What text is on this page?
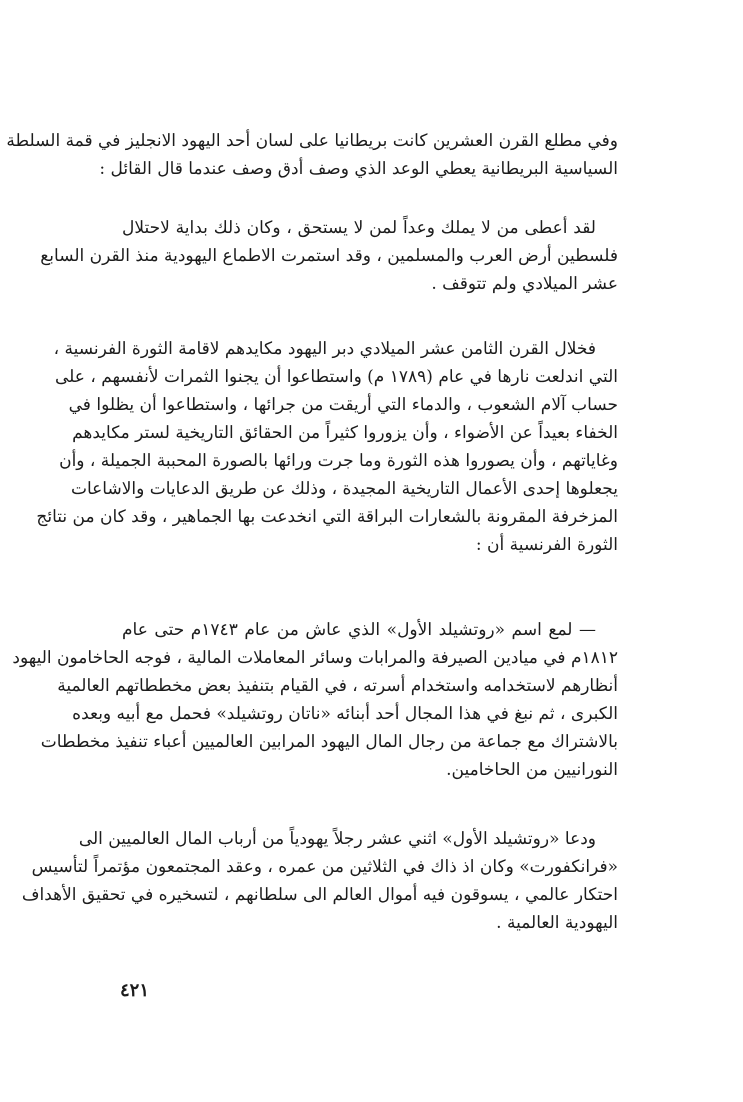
وفي مطلع القرن العشرين كانت بريطانيا على لسان أحد اليهود الانجليز في قمة السلطة
السياسية البريطانية يعطي الوعد الذي وصف أدق وصف عندما قال القائل :
لقد أعطى من لا يملك وعداً لمن لا يستحق ، وكان ذلك بداية لاحتلال
فلسطين أرض العرب والمسلمين ، وقد استمرت الاطماع اليهودية منذ القرن السابع
عشر الميلادي ولم تتوقف .
فخلال القرن الثامن عشر الميلادي دبر اليهود مكايدهم لاقامة الثورة الفرنسية ،
التي اندلعت نارها في عام (١٧٨٩ م) واستطاعوا أن يجنوا الثمرات لأنفسهم ، على
حساب آلام الشعوب ، والدماء التي أريقت من جرائها ، واستطاعوا أن يظلوا في
الخفاء بعيداً عن الأضواء ، وأن يزوروا كثيراً من الحقائق التاريخية لستر مكايدهم
وغاياتهم ، وأن يصوروا هذه الثورة وما جرت ورائها بالصورة المحببة الجميلة ، وأن
يجعلوها إحدى الأعمال التاريخية المجيدة ، وذلك عن طريق الدعايات والاشاعات
المزخرفة المقرونة بالشعارات البراقة التي انخدعت بها الجماهير ، وقد كان من نتائج
الثورة الفرنسية أن :
— لمع اسم «روتشيلد الأول» الذي عاش من عام ١٧٤٣م حتى عام
١٨١٢م في ميادين الصيرفة والمرابات وسائر المعاملات المالية ، فوجه الحاخامون اليهود
أنظارهم لاستخدامه واستخدام أسرته ، في القيام بتنفيذ بعض مخططاتهم العالمية
الكبرى ، ثم نبغ في هذا المجال أحد أبنائه «ناتان روتشيلد» فحمل مع أبيه وبعده
بالاشتراك مع جماعة من رجال المال اليهود المرابين العالميين أعباء تنفيذ مخططات
النورانيين من الحاخامين.
ودعا «روتشيلد الأول» اثني عشر رجلاً يهودياً من أرباب المال العالميين الى
«فرانكفورت» وكان اذ ذاك في الثلاثين من عمره ، وعقد المجتمعون مؤتمراً لتأسيس
احتكار عالمي ، يسوقون فيه أموال العالم الى سلطانهم ، لتسخيره في تحقيق الأهداف
اليهودية العالمية .
٤٢١
